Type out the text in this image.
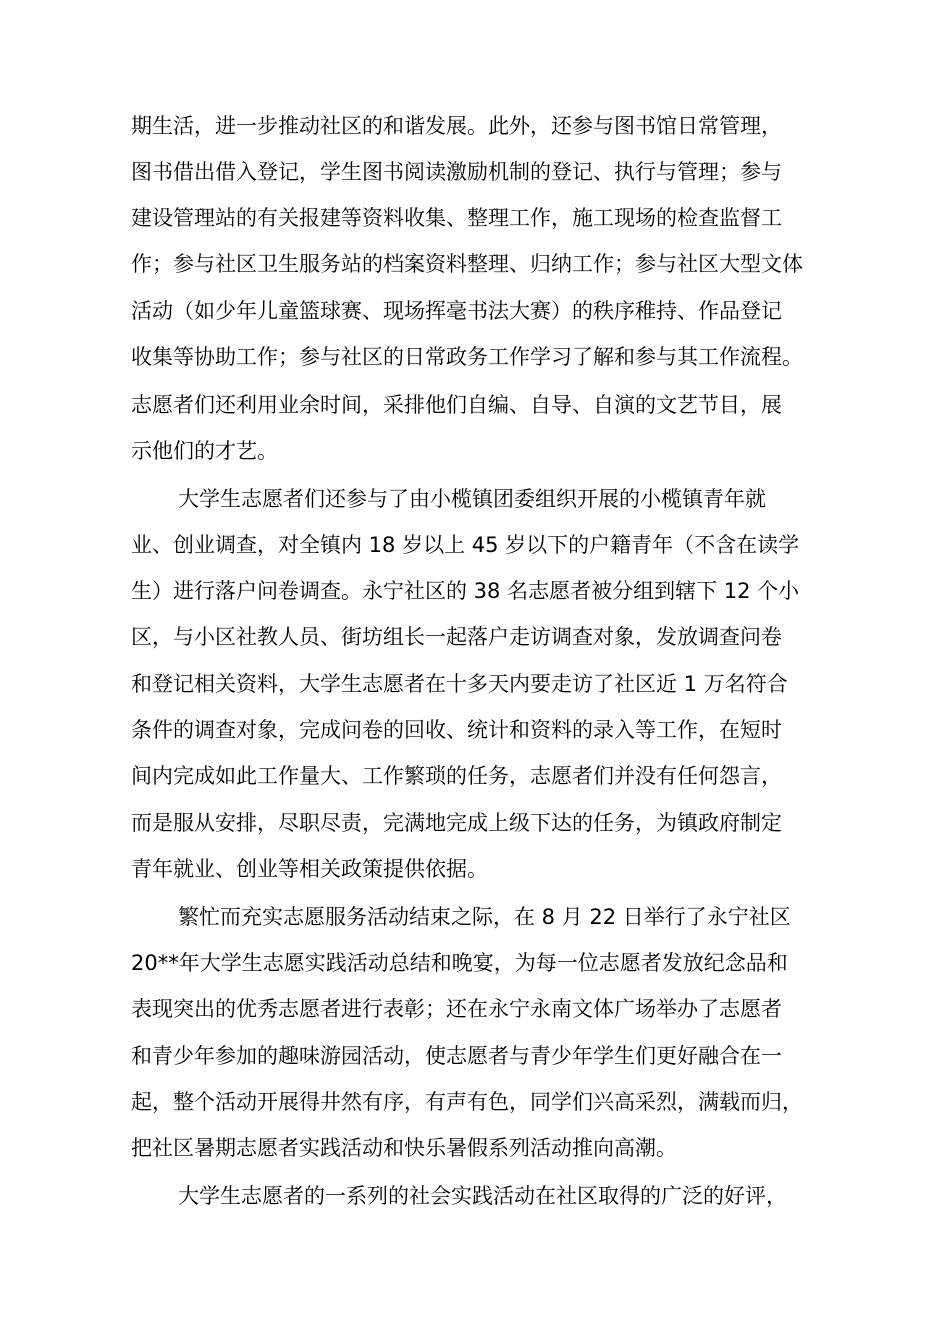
期生活，进一步推动社区的和谐发展。此外，还参与图书馆日常管理，
图书借出借入登记，学生图书阅读激励机制的登记、执行与管理；参与
建设管理站的有关报建等资料收集、整理工作，施工现场的检查监督工
作；参与社区卫生服务站的档案资料整理、归纳工作；参与社区大型文体
活动（如少年儿童篮球赛、现场挥毫书法大赛）的秩序稚持、作品登记
收集等协助工作；参与社区的日常政务工作学习了解和参与其工作流程。
志愿者们还利用业余时间，采排他们自编、自导、自演的文艺节目，展
示他们的才艺。
大学生志愿者们还参与了由小榄镇团委组织开展的小榄镇青年就
业、创业调查，对全镇内 18 岁以上 45 岁以下的户籍青年（不含在读学
生）进行落户问卷调查。永宁社区的 38 名志愿者被分组到辖下 12 个小
区，与小区社教人员、街坊组长一起落户走访调查对象，发放调查问卷
和登记相关资料，大学生志愿者在十多天内要走访了社区近 1 万名符合
条件的调查对象，完成问卷的回收、统计和资料的录入等工作，在短时
间内完成如此工作量大、工作繁琐的任务，志愿者们并没有任何怨言，
而是服从安排，尽职尽责，完满地完成上级下达的任务，为镇政府制定
青年就业、创业等相关政策提供依据。
繁忙而充实志愿服务活动结束之际，在 8 月 22 日举行了永宁社区
20**年大学生志愿实践活动总结和晚宴，为每一位志愿者发放纪念品和
表现突出的优秀志愿者进行表彰；还在永宁永南文体广场举办了志愿者
和青少年参加的趣味游园活动，使志愿者与青少年学生们更好融合在一
起，整个活动开展得井然有序，有声有色，同学们兴高采烈，满载而归，
把社区暑期志愿者实践活动和快乐暑假系列活动推向高潮。
大学生志愿者的一系列的社会实践活动在社区取得的广泛的好评，
